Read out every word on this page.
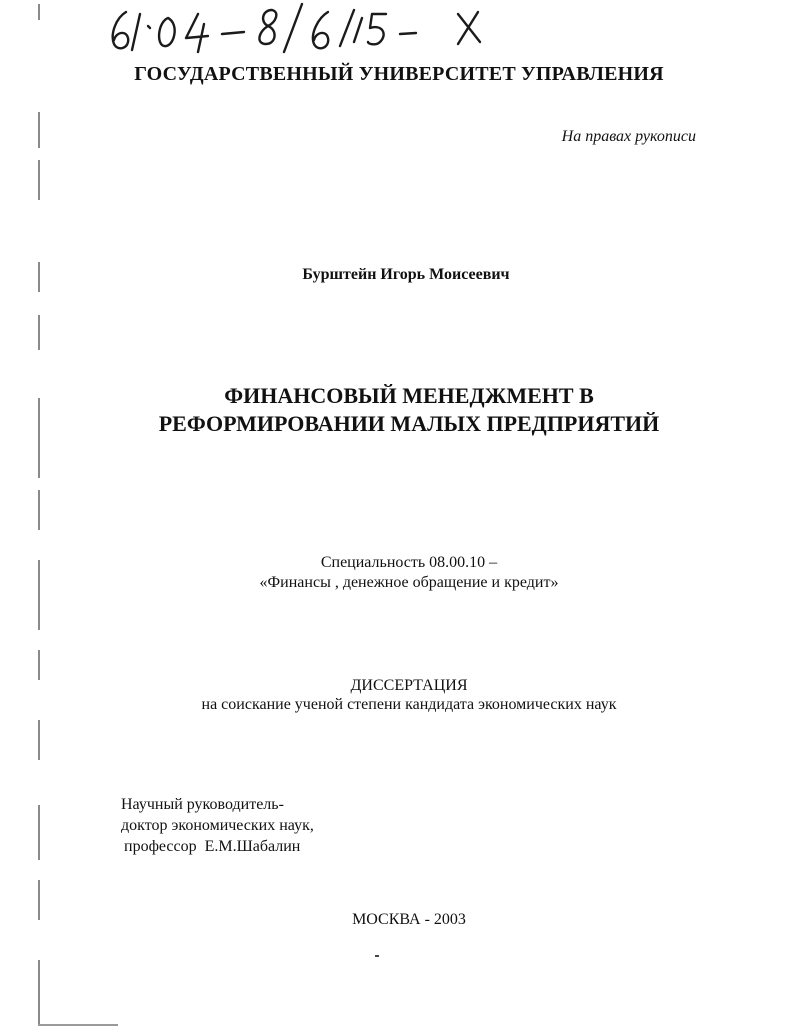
ГОСУДАРСТВЕННЫЙ УНИВЕРСИТЕТ УПРАВЛЕНИЯ
На правах рукописи
Бурштейн Игорь Моисеевич
ФИНАНСОВЫЙ МЕНЕДЖМЕНТ В
РЕФОРМИРОВАНИИ МАЛЫХ ПРЕДПРИЯТИЙ
Специальность 08.00.10 –
«Финансы , денежное обращение и кредит»
ДИССЕРТАЦИЯ
на соискание ученой степени кандидата экономических наук
Научный руководитель-
доктор экономических наук,
профессор  Е.М.Шабалин
МОСКВА - 2003
